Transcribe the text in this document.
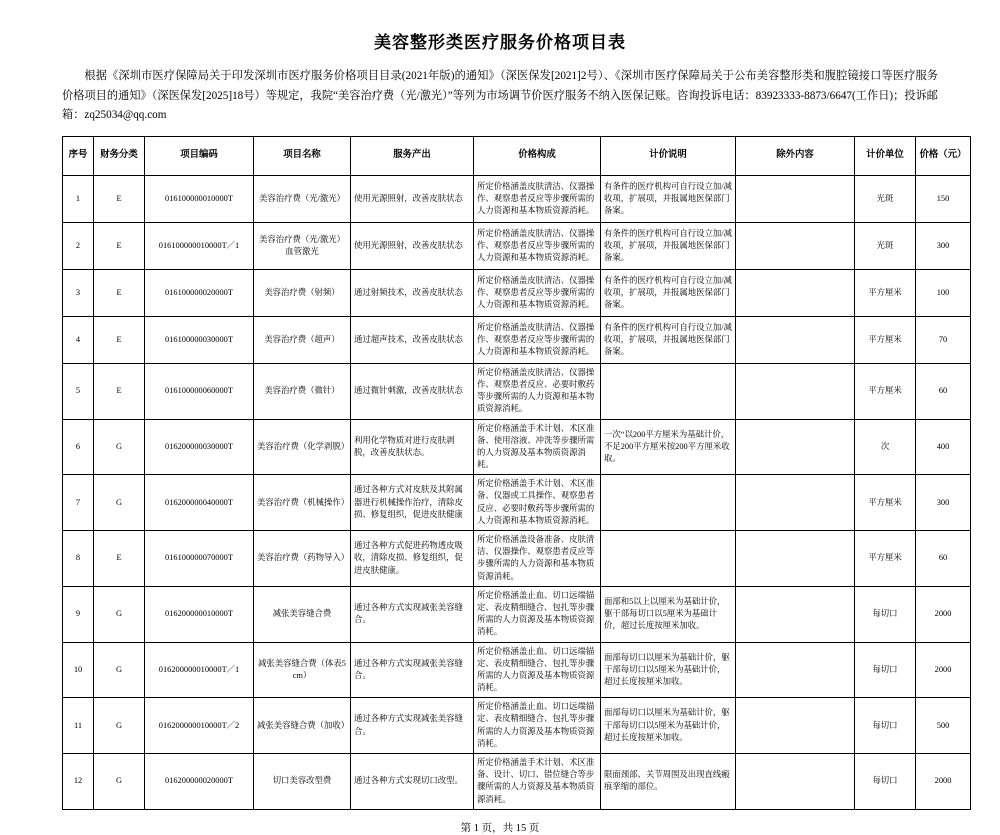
美容整形类医疗服务价格项目表

根据《深圳市医疗保障局关于印发深圳市医疗服务价格项目目录(2021年版)的通知》（深医保发[2021]2号）、《深圳市医疗保障局关于公布美容整形类和腹腔镜接口等医疗服务价格项目的通知》（深医保发[2025]18号）等规定，我院“美容治疗费（光/激光）”等列为市场调节价医疗服务不纳入医保记账。咨询投诉电话：83923333-8873/6647(工作日)；投诉邮箱：zq25034@qq.com

序号	财务分类	项目编码	项目名称	服务产出	价格构成	计价说明	除外内容	计价单位	价格（元）
1	E	016100000010000T	美容治疗费（光/激光）	使用光源照射，改善皮肤状态	所定价格涵盖皮肤清洁、仪器操作、观察患者反应等步骤所需的人力资源和基本物质资源消耗。	有条件的医疗机构可自行设立加/减收项，扩展项，并报属地医保部门备案。		光斑	150
2	E	016100000010000T／1	美容治疗费（光/激光）血管激光	使用光源照射，改善皮肤状态	所定价格涵盖皮肤清洁、仪器操作、观察患者反应等步骤所需的人力资源和基本物质资源消耗。	有条件的医疗机构可自行设立加/减收项，扩展项，并报属地医保部门备案。		光斑	300
3	E	016100000020000T	美容治疗费（射频）	通过射频技术，改善皮肤状态	所定价格涵盖皮肤清洁、仪器操作、观察患者反应等步骤所需的人力资源和基本物质资源消耗。	有条件的医疗机构可自行设立加/减收项，扩展项，并报属地医保部门备案。		平方厘米	100
4	E	016100000030000T	美容治疗费（超声）	通过超声技术，改善皮肤状态	所定价格涵盖皮肤清洁、仪器操作、观察患者反应等步骤所需的人力资源和基本物质资源消耗。	有条件的医疗机构可自行设立加/减收项，扩展项，并报属地医保部门备案。		平方厘米	70
5	E	016100000060000T	美容治疗费（微针）	通过微针刺激，改善皮肤状态	所定价格涵盖皮肤清洁、仪器操作、观察患者反应、必要时敷药等步骤所需的人力资源和基本物质资源消耗。			平方厘米	60
6	G	016200000030000T	美容治疗费（化学剥脱）	利用化学物质对进行皮肤剥脱，改善皮肤状态。	所定价格涵盖手术计划、术区准备、使用溶液、冲洗等步骤所需的人力资源及基本物质资源消耗。	一次“以200平方厘米为基础计价，不足200平方厘米按200平方厘米收取。		次	400
7	G	016200000040000T	美容治疗费（机械操作）	通过各种方式对皮肤及其附属器进行机械操作治疗，清除皮损、修复组织，促进皮肤健康	所定价格涵盖手术计划、术区准备、仪器或工具操作、观察患者反应、必要时敷药等步骤所需的人力资源和基本物质资源消耗。			平方厘米	300
8	E	016100000070000T	美容治疗费（药物导入）	通过各种方式促进药物透皮吸收，清除皮损、修复组织，促进皮肤健康。	所定价格涵盖设备准备、皮肤清洁、仪器操作、观察患者反应等步骤所需的人力资源和基本物质资源消耗。			平方厘米	60
9	G	016200000010000T	减张美容缝合费	通过各种方式实现减张美容缝合。	所定价格涵盖止血、切口远端锚定、表皮精细缝合、包扎等步骤所需的人力资源及基本物质资源消耗。	面部和5以上以厘米为基础计价，躯干部每切口以5厘米为基础计价，超过长度按厘米加收。		每切口	2000
10	G	016200000010000T／1	减张美容缝合费（体表5cm）	通过各种方式实现减张美容缝合。	所定价格涵盖止血、切口远端锚定、表皮精细缝合、包扎等步骤所需的人力资源及基本物质资源消耗。	面部每切口以厘米为基础计价，躯干部每切口以5厘米为基础计价，超过长度按厘米加收。		每切口	2000
11	G	016200000010000T／2	减张美容缝合费（加收）	通过各种方式实现减张美容缝合。	所定价格涵盖止血、切口远端锚定、表皮精细缝合、包扎等步骤所需的人力资源及基本物质资源消耗。	面部每切口以厘米为基础计价，躯干部每切口以5厘米为基础计价，超过长度按厘米加收。		每切口	500
12	G	016200000020000T	切口美容改型费	通过各种方式实现切口改型。	所定价格涵盖手术计划、术区准备、设计、切口、错位缝合等步骤所需的人力资源及基本物质资源消耗。	限面颈部、关节周围及出现直线瘢痕挛缩的部位。		每切口	2000
第 1 页，共 15 页
